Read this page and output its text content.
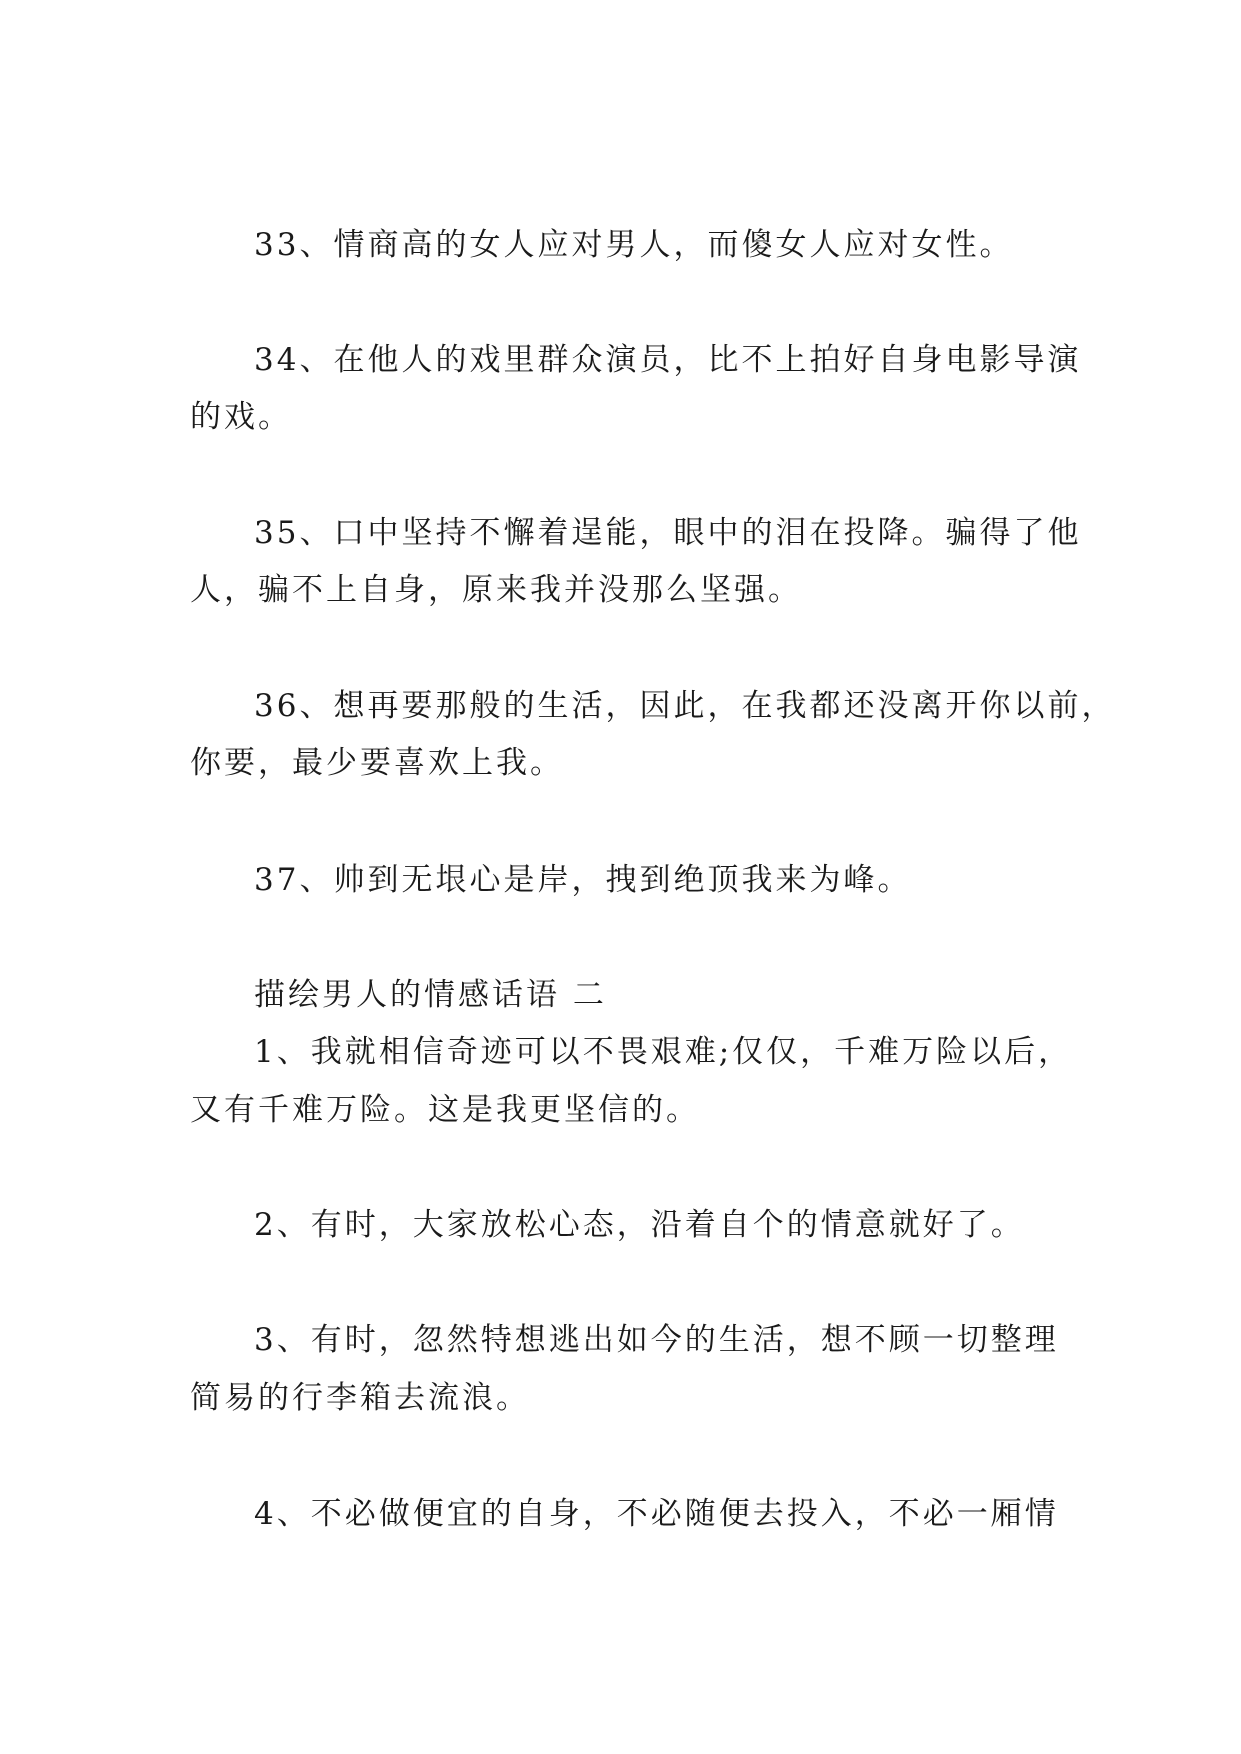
33、情商高的女人应对男人，而傻女人应对女性。
34、在他人的戏里群众演员，比不上拍好自身电影导演
的戏。
35、口中坚持不懈着逞能，眼中的泪在投降。骗得了他
人，骗不上自身，原来我并没那么坚强。
36、想再要那般的生活，因此，在我都还没离开你以前，
你要，最少要喜欢上我。
37、帅到无垠心是岸，拽到绝顶我来为峰。
描绘男人的情感话语 二
1、我就相信奇迹可以不畏艰难;仅仅，千难万险以后，
又有千难万险。这是我更坚信的。
2、有时，大家放松心态，沿着自个的情意就好了。
3、有时，忽然特想逃出如今的生活，想不顾一切整理
简易的行李箱去流浪。
4、不必做便宜的自身，不必随便去投入，不必一厢情
